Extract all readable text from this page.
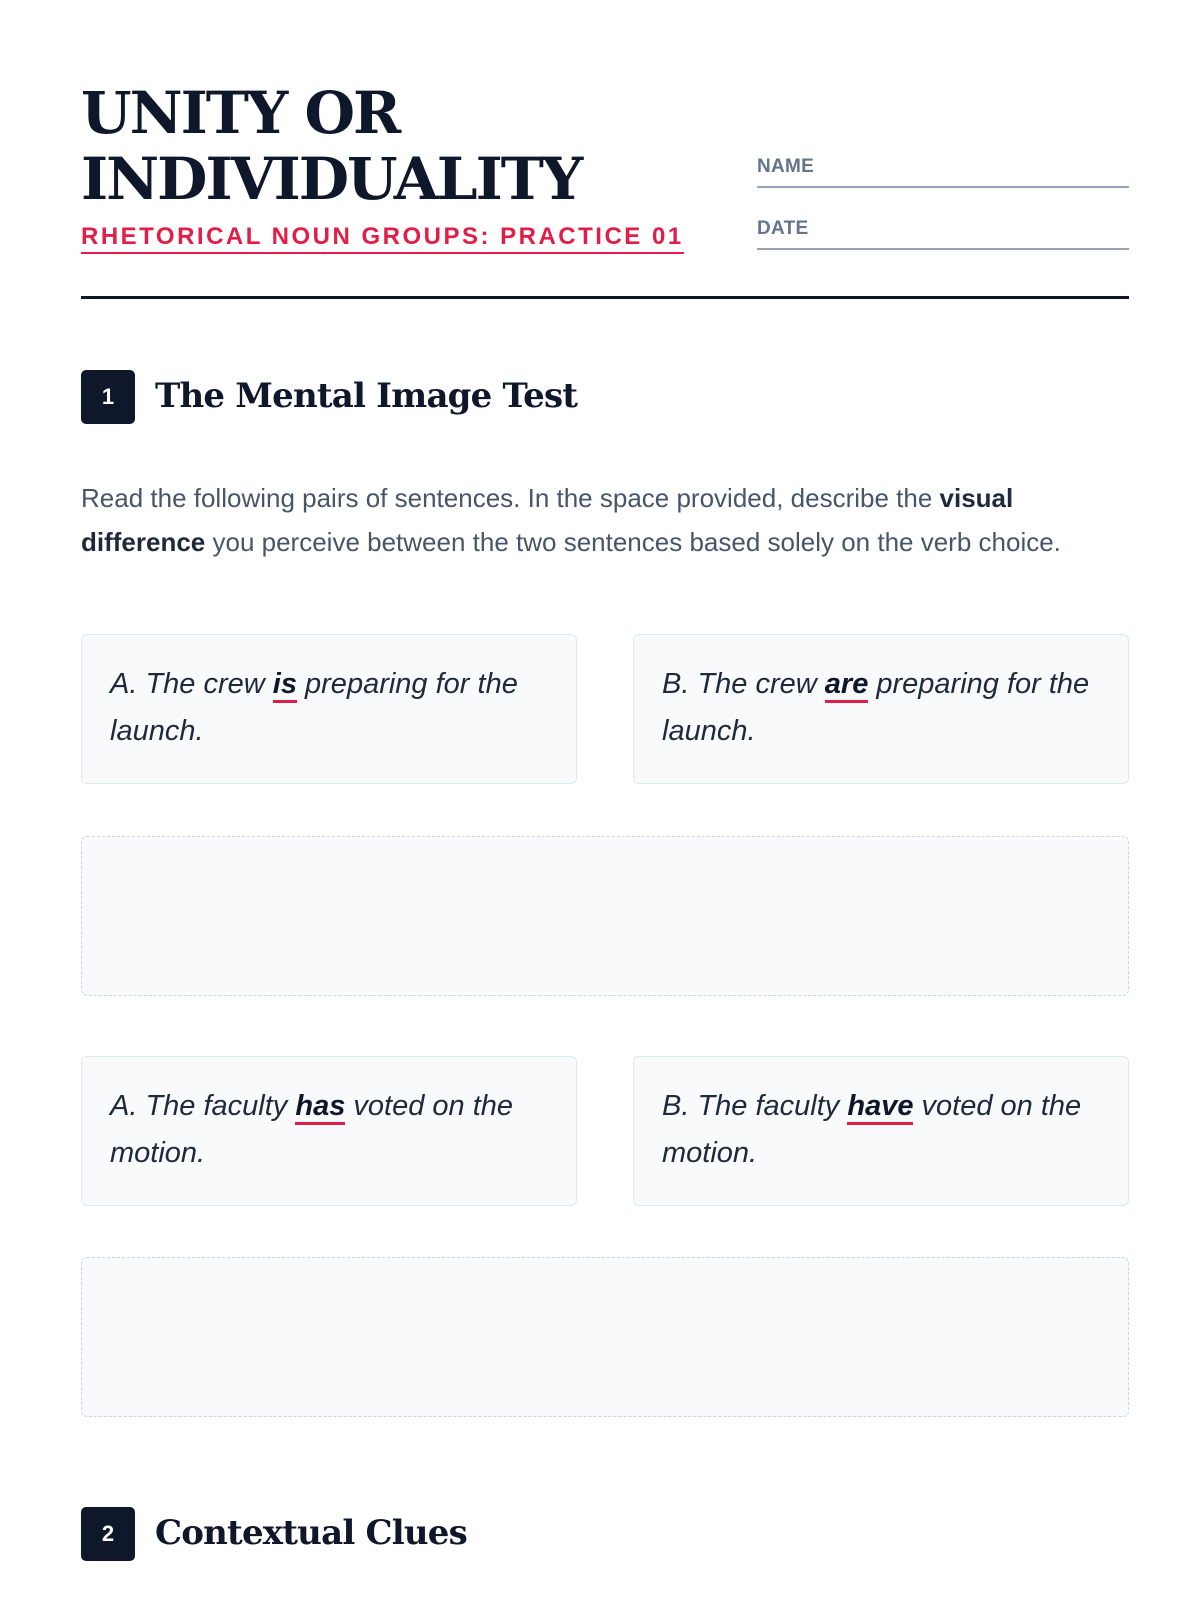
UNITY OR
INDIVIDUALITY
RHETORICAL NOUN GROUPS: PRACTICE 01
NAME
DATE
1	The Mental Image Test
Read the following pairs of sentences. In the space provided, describe the visual difference you perceive between the two sentences based solely on the verb choice.

A. The crew is preparing for the launch.

B. The crew are preparing for the launch.

A. The faculty has voted on the motion.

B. The faculty have voted on the motion.

2	Contextual Clues
